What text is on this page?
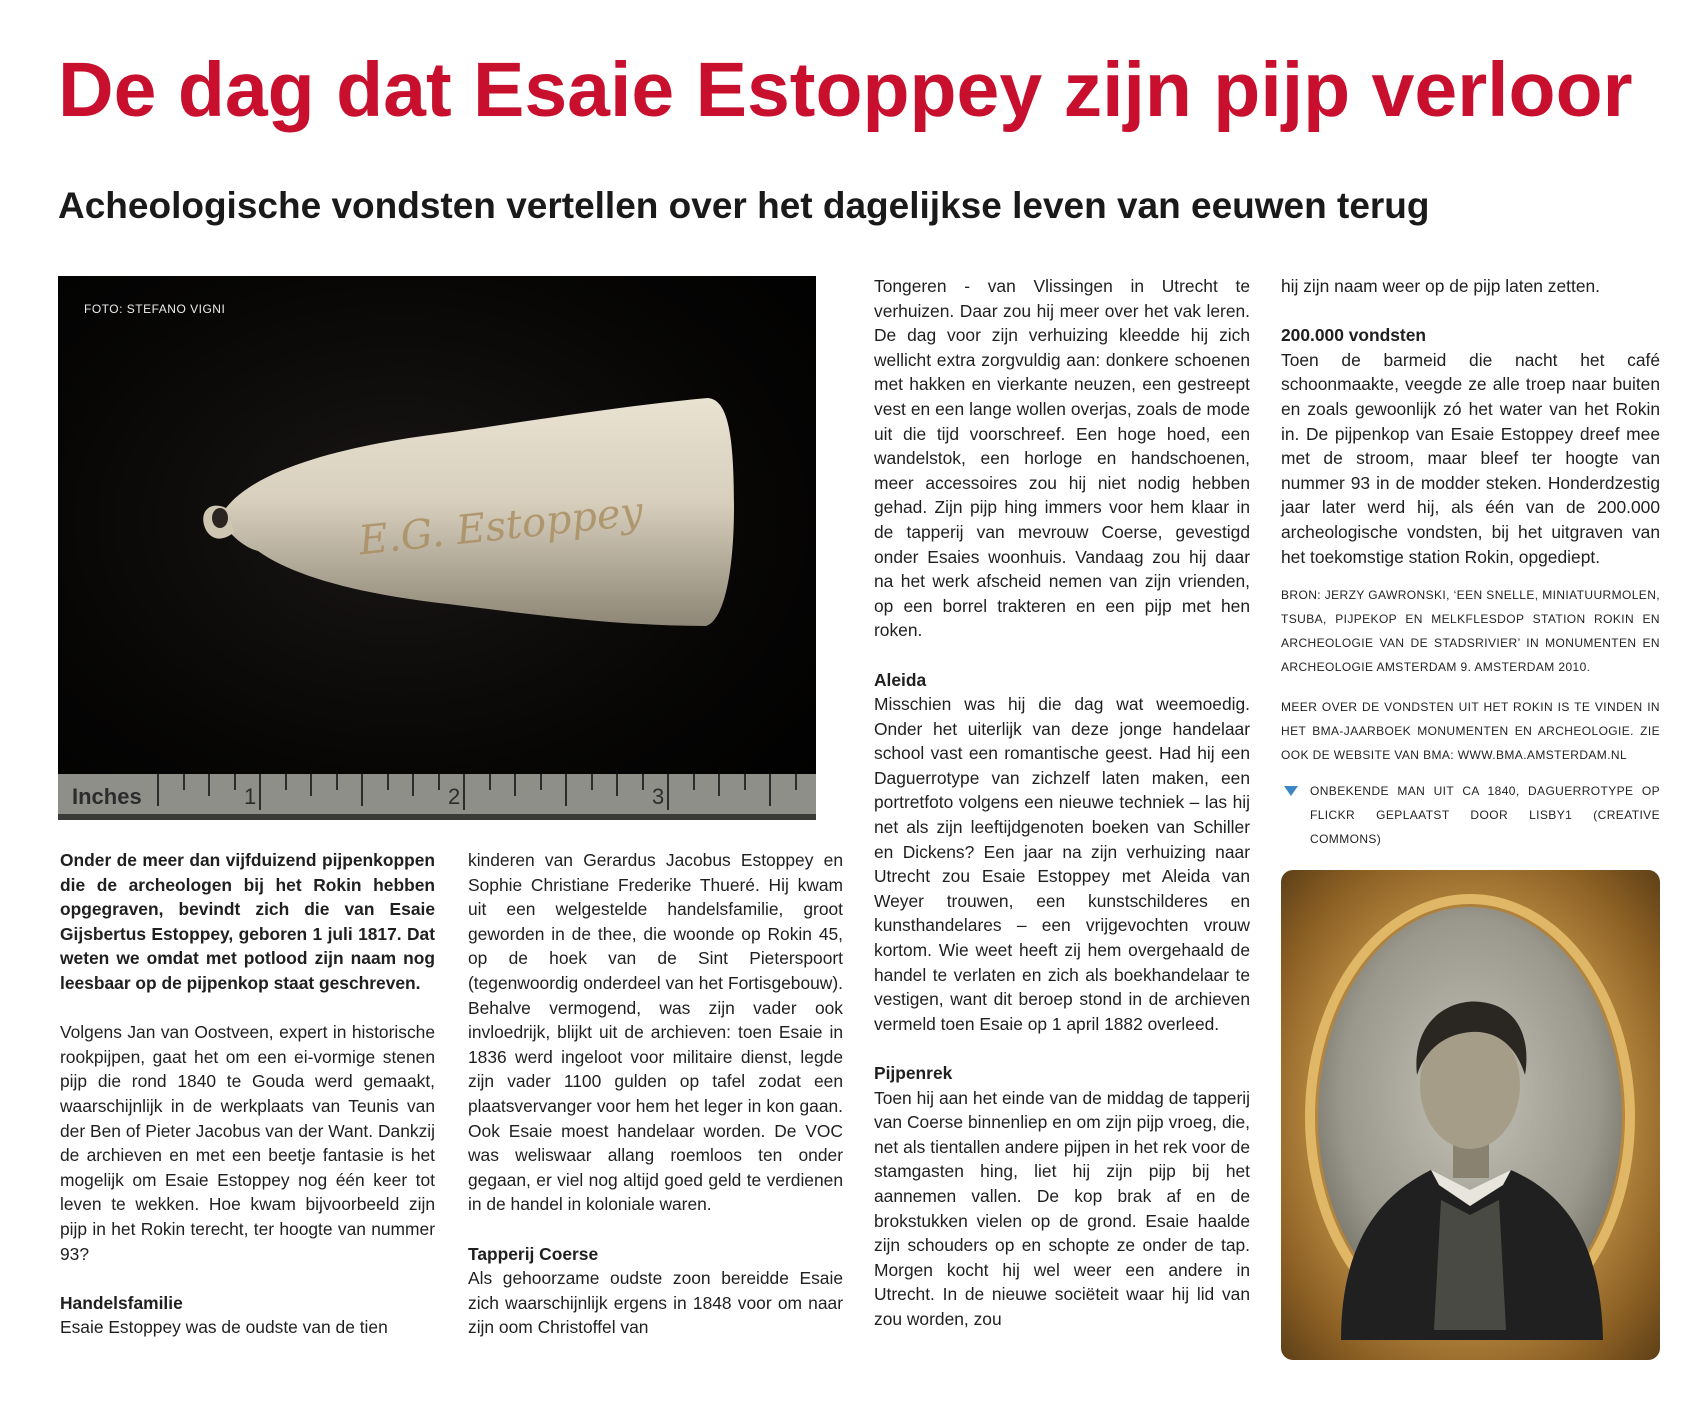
De dag dat Esaie Estoppey zijn pijp verloor
Acheologische vondsten vertellen over het dagelijkse leven van eeuwen terug
E.G. Estoppey
Inches	1	2	3
FOTO: STEFANO VIGNI

Onder de meer dan vijfduizend pijpenkoppen die de archeologen bij het Rokin hebben opgegraven, bevindt zich die van Esaie Gijsbertus Estoppey, geboren 1 juli 1817. Dat weten we omdat met potlood zijn naam nog leesbaar op de pijpenkop staat geschreven.

Volgens Jan van Oostveen, expert in historische rookpijpen, gaat het om een ei-vormige stenen pijp die rond 1840 te Gouda werd gemaakt, waarschijnlijk in de werkplaats van Teunis van der Ben of Pieter Jacobus van der Want. Dankzij de archieven en met een beetje fantasie is het mogelijk om Esaie Estoppey nog één keer tot leven te wekken. Hoe kwam bijvoorbeeld zijn pijp in het Rokin terecht, ter hoogte van nummer 93?

Handelsfamilie

Esaie Estoppey was de oudste van de tien

kinderen van Gerardus Jacobus Estoppey en Sophie Christiane Frederike Thueré. Hij kwam uit een welgestelde handelsfamilie, groot geworden in de thee, die woonde op Rokin 45, op de hoek van de Sint Pieterspoort (tegenwoordig onderdeel van het Fortisgebouw). Behalve vermogend, was zijn vader ook invloedrijk, blijkt uit de archieven: toen Esaie in 1836 werd ingeloot voor militaire dienst, legde zijn vader 1100 gulden op tafel zodat een plaatsvervanger voor hem het leger in kon gaan. Ook Esaie moest handelaar worden. De VOC was weliswaar allang roemloos ten onder gegaan, er viel nog altijd goed geld te verdienen in de handel in koloniale waren.

Tapperij Coerse

Als gehoorzame oudste zoon bereidde Esaie zich waarschijnlijk ergens in 1848 voor om naar zijn oom Christoffel van

Tongeren - van Vlissingen in Utrecht te verhuizen. Daar zou hij meer over het vak leren. De dag voor zijn verhuizing kleedde hij zich wellicht extra zorgvuldig aan: donkere schoenen met hakken en vierkante neuzen, een gestreept vest en een lange wollen overjas, zoals de mode uit die tijd voorschreef. Een hoge hoed, een wandelstok, een horloge en handschoenen, meer accessoires zou hij niet nodig hebben gehad. Zijn pijp hing immers voor hem klaar in de tapperij van mevrouw Coerse, gevestigd onder Esaies woonhuis. Vandaag zou hij daar na het werk afscheid nemen van zijn vrienden, op een borrel trakteren en een pijp met hen roken.

Aleida

Misschien was hij die dag wat weemoedig. Onder het uiterlijk van deze jonge handelaar school vast een romantische geest. Had hij een Daguerrotype van zichzelf laten maken, een portretfoto volgens een nieuwe techniek – las hij net als zijn leeftijdgenoten boeken van Schiller en Dickens? Een jaar na zijn verhuizing naar Utrecht zou Esaie Estoppey met Aleida van Weyer trouwen, een kunstschilderes en kunsthandelares – een vrijgevochten vrouw kortom. Wie weet heeft zij hem overgehaald de handel te verlaten en zich als boekhandelaar te vestigen, want dit beroep stond in de archieven vermeld toen Esaie op 1 april 1882 overleed.

Pijpenrek

Toen hij aan het einde van de middag de tapperij van Coerse binnenliep en om zijn pijp vroeg, die, net als tientallen andere pijpen in het rek voor de stamgasten hing, liet hij zijn pijp bij het aannemen vallen. De kop brak af en de brokstukken vielen op de grond. Esaie haalde zijn schouders op en schopte ze onder de tap. Morgen kocht hij wel weer een andere in Utrecht. In de nieuwe sociëteit waar hij lid van zou worden, zou

hij zijn naam weer op de pijp laten zetten.

200.000 vondsten

Toen de barmeid die nacht het café schoonmaakte, veegde ze alle troep naar buiten en zoals gewoonlijk zó het water van het Rokin in. De pijpenkop van Esaie Estoppey dreef mee met de stroom, maar bleef ter hoogte van nummer 93 in de modder steken. Honderdzestig jaar later werd hij, als één van de 200.000 archeologische vondsten, bij het uitgraven van het toekomstige station Rokin, opgediept.

BRON: JERZY GAWRONSKI, ‘EEN SNELLE, MINIATUURMOLEN, TSUBA, PIJPEKOP EN MELKFLESDOP STATION ROKIN EN ARCHEOLOGIE VAN DE STADSRIVIER’ IN MONUMENTEN EN ARCHEOLOGIE AMSTERDAM 9. AMSTERDAM 2010.

MEER OVER DE VONDSTEN UIT HET ROKIN IS TE VINDEN IN HET BMA-JAARBOEK MONUMENTEN EN ARCHEOLOGIE. ZIE OOK DE WEBSITE VAN BMA: WWW.BMA.AMSTERDAM.NL

ONBEKENDE MAN UIT CA 1840, DAGUERROTYPE OP FLICKR GEPLAATST DOOR LISBY1 (CREATIVE COMMONS)
